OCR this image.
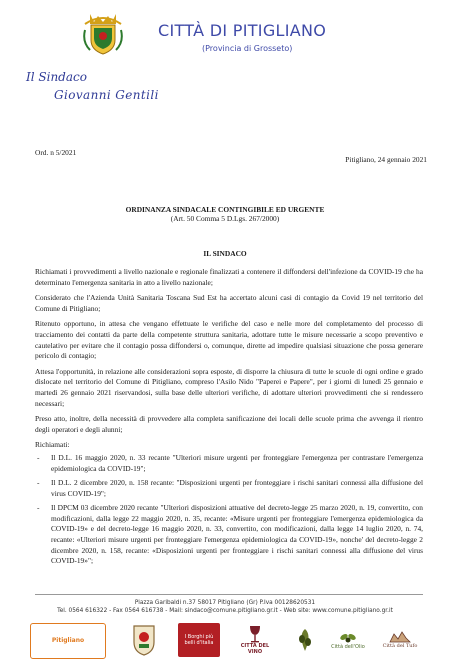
CITTÀ DI PITIGLIANO
(Provincia di Grosseto)
Il Sindaco
Giovanni Gentili
Ord. n 5/2021
Pitigliano, 24 gennaio 2021
ORDINANZA SINDACALE CONTINGIBILE ED URGENTE
(Art. 50 Comma 5 D.Lgs. 267/2000)
IL SINDACO

Richiamati i provvedimenti a livello nazionale e regionale finalizzati a contenere il diffondersi dell'infezione da COVID-19 che ha determinato l'emergenza sanitaria in atto a livello nazionale;

Considerato che l'Azienda Unità Sanitaria Toscana Sud Est ha accertato alcuni casi di contagio da Covid 19 nel territorio del Comune di Pitigliano;

Ritenuto opportuno, in attesa che vengano effettuate le verifiche del caso e nelle more del completamento del processo di tracciamento dei contatti da parte della competente struttura sanitaria, adottare tutte le misure necessarie a scopo preventivo e cautelativo per evitare che il contagio possa diffondersi o, comunque, dirette ad impedire qualsiasi situazione che possa generare pericolo di contagio;

Attesa l'opportunità, in relazione alle considerazioni sopra esposte, di disporre la chiusura di tutte le scuole di ogni ordine e grado dislocate nel territorio del Comune di Pitigliano, compreso l'Asilo Nido "Paperei e Papere", per i giorni di lunedì 25 gennaio e martedì 26 gennaio 2021 riservandosi, sulla base delle ulteriori verifiche, di adottare ulteriori provvedimenti che si rendessero necessari;

Preso atto, inoltre, della necessità di provvedere alla completa sanificazione dei locali delle scuole prima che avvenga il rientro degli operatori e degli alunni;

Richiamati:

- Il D.L. 16 maggio 2020, n. 33 recante "Ulteriori misure urgenti per fronteggiare l'emergenza per contrastare l'emergenza epidemiologica da COVID-19";
- Il D.L. 2 dicembre 2020, n. 158 recante: "Disposizioni urgenti per fronteggiare i rischi sanitari connessi alla diffusione del virus COVID-19";
- Il DPCM 03 dicembre 2020 recante "Ulteriori disposizioni attuative del decreto-legge 25 marzo 2020, n. 19, convertito, con modificazioni, dalla legge 22 maggio 2020, n. 35, recante: «Misure urgenti per fronteggiare l'emergenza epidemiologica da COVID-19» e del decreto-legge 16 maggio 2020, n. 33, convertito, con modificazioni, dalla legge 14 luglio 2020, n. 74, recante: «Ulteriori misure urgenti per fronteggiare l'emergenza epidemiologica da COVID-19», nonche' del decreto-legge 2 dicembre 2020, n. 158, recante: «Disposizioni urgenti per fronteggiare i rischi sanitari connessi alla diffusione del virus COVID-19»";
Piazza Garibaldi n.37 58017 Pitigliano (Gr) P.Iva 00128620531
Tel. 0564 616322 - Fax 0564 616738 - Mail: sindaco@comune.pitigliano.gr.it - Web site: www.comune.pitigliano.gr.it
Pitigliano	I Borghi più belli d'Italia	CITTÀ DEL VINO
Città dell'Olio	Città del Tufo
